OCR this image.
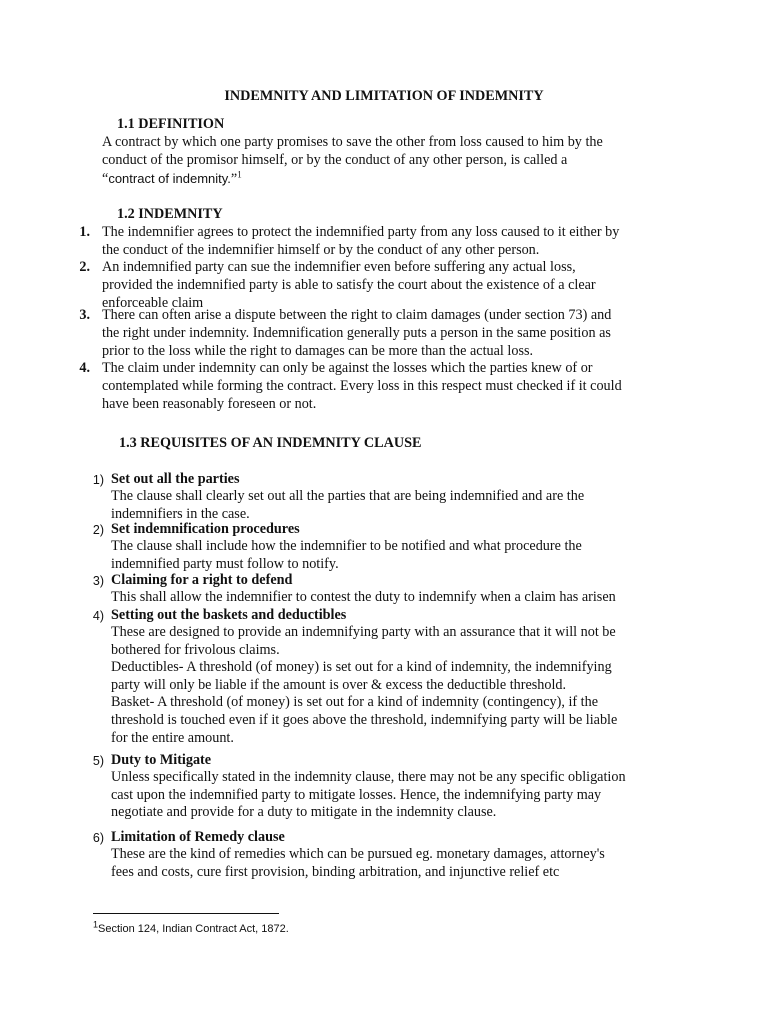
INDEMNITY AND LIMITATION OF INDEMNITY
1.1 DEFINITION
A contract by which one party promises to save the other from loss caused to him by the
conduct of the promisor himself, or by the conduct of any other person, is called a
“contract of indemnity.”$^1$
1.2 INDEMNITY
1. The indemnifier agrees to protect the indemnified party from any loss caused to it either by
the conduct of the indemnifier himself or by the conduct of any other person.
2. An indemnified party can sue the indemnifier even before suffering any actual loss,
provided the indemnified party is able to satisfy the court about the existence of a clear
enforceable claim
3. There can often arise a dispute between the right to claim damages (under section 73) and
the right under indemnity. Indemnification generally puts a person in the same position as
prior to the loss while the right to damages can be more than the actual loss.
4. The claim under indemnity can only be against the losses which the parties knew of or
contemplated while forming the contract. Every loss in this respect must checked if it could
have been reasonably foreseen or not.
1.3 REQUISITES OF AN INDEMNITY CLAUSE
1) Set out all the parties
The clause shall clearly set out all the parties that are being indemnified and are the
indemnifiers in the case.
2) Set indemnification procedures
The clause shall include how the indemnifier to be notified and what procedure the
indemnified party must follow to notify.
3) Claiming for a right to defend
This shall allow the indemnifier to contest the duty to indemnify when a claim has arisen
4) Setting out the baskets and deductibles
These are designed to provide an indemnifying party with an assurance that it will not be
bothered for frivolous claims.
Deductibles- A threshold (of money) is set out for a kind of indemnity, the indemnifying
party will only be liable if the amount is over & excess the deductible threshold.
Basket- A threshold (of money) is set out for a kind of indemnity (contingency), if the
threshold is touched even if it goes above the threshold, indemnifying party will be liable
for the entire amount.
5) Duty to Mitigate
Unless specifically stated in the indemnity clause, there may not be any specific obligation
cast upon the indemnified party to mitigate losses. Hence, the indemnifying party may
negotiate and provide for a duty to mitigate in the indemnity clause.
6) Limitation of Remedy clause
These are the kind of remedies which can be pursued eg. monetary damages, attorney's
fees and costs, cure first provision, binding arbitration, and injunctive relief etc
$^1$Section 124, Indian Contract Act, 1872.
